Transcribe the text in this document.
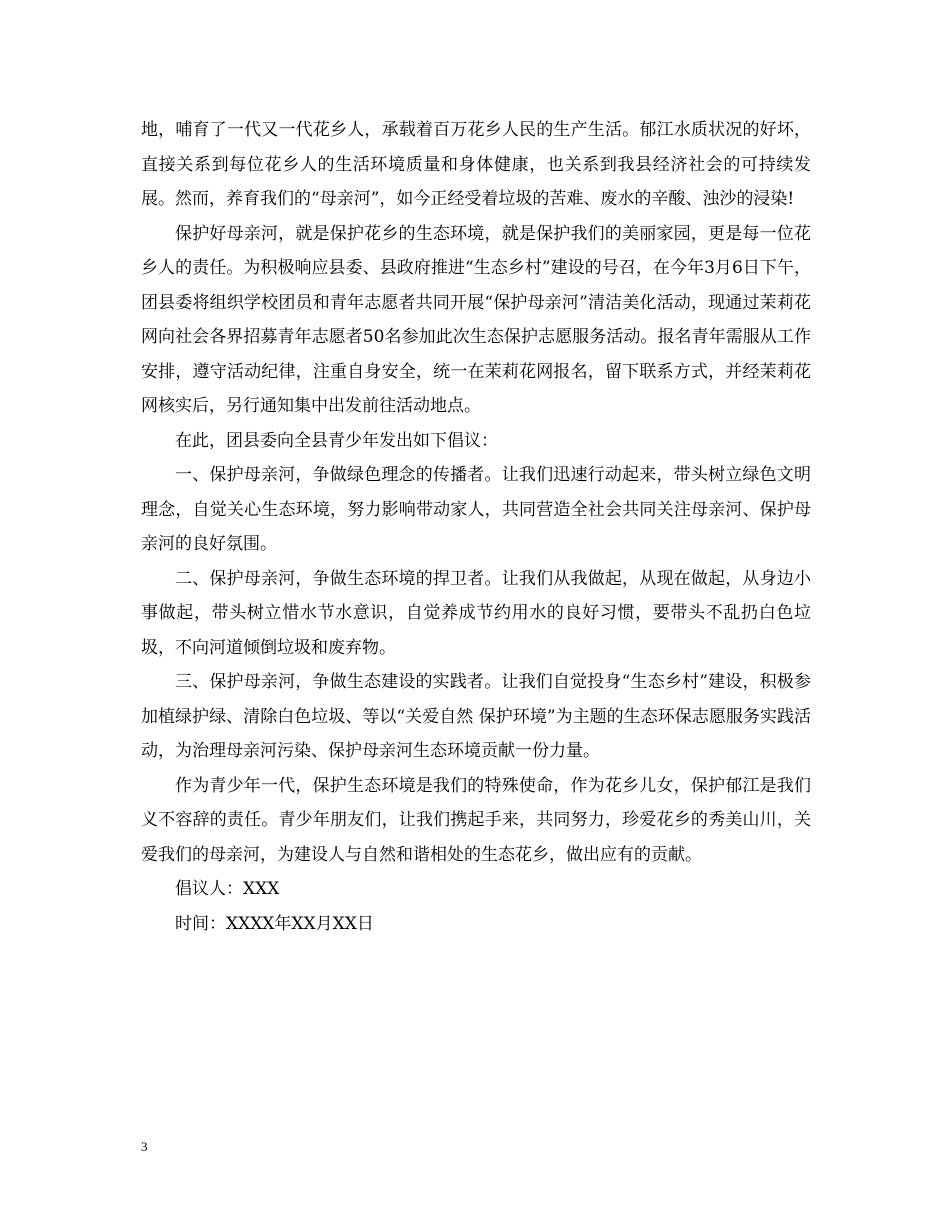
地，哺育了一代又一代花乡人，承载着百万花乡人民的生产生活。郁江水质状况的好坏，直接关系到每位花乡人的生活环境质量和身体健康，也关系到我县经济社会的可持续发展。然而，养育我们的“母亲河”，如今正经受着垃圾的苦难、废水的辛酸、浊沙的浸染!

保护好母亲河，就是保护花乡的生态环境，就是保护我们的美丽家园，更是每一位花乡人的责任。为积极响应县委、县政府推进“生态乡村”建设的号召，在今年3月6日下午，团县委将组织学校团员和青年志愿者共同开展“保护母亲河”清洁美化活动，现通过茉莉花网向社会各界招募青年志愿者50名参加此次生态保护志愿服务活动。报名青年需服从工作安排，遵守活动纪律，注重自身安全，统一在茉莉花网报名，留下联系方式，并经茉莉花网核实后，另行通知集中出发前往活动地点。

在此，团县委向全县青少年发出如下倡议：

一、保护母亲河，争做绿色理念的传播者。让我们迅速行动起来，带头树立绿色文明理念，自觉关心生态环境，努力影响带动家人，共同营造全社会共同关注母亲河、保护母亲河的良好氛围。

二、保护母亲河，争做生态环境的捍卫者。让我们从我做起，从现在做起，从身边小事做起，带头树立惜水节水意识，自觉养成节约用水的良好习惯，要带头不乱扔白色垃圾，不向河道倾倒垃圾和废弃物。

三、保护母亲河，争做生态建设的实践者。让我们自觉投身“生态乡村”建设，积极参加植绿护绿、清除白色垃圾、等以“关爱自然 保护环境”为主题的生态环保志愿服务实践活动，为治理母亲河污染、保护母亲河生态环境贡献一份力量。

作为青少年一代，保护生态环境是我们的特殊使命，作为花乡儿女，保护郁江是我们义不容辞的责任。青少年朋友们，让我们携起手来，共同努力，珍爱花乡的秀美山川，关爱我们的母亲河，为建设人与自然和谐相处的生态花乡，做出应有的贡献。

倡议人：XXX

时间：XXXX年XX月XX日

3
